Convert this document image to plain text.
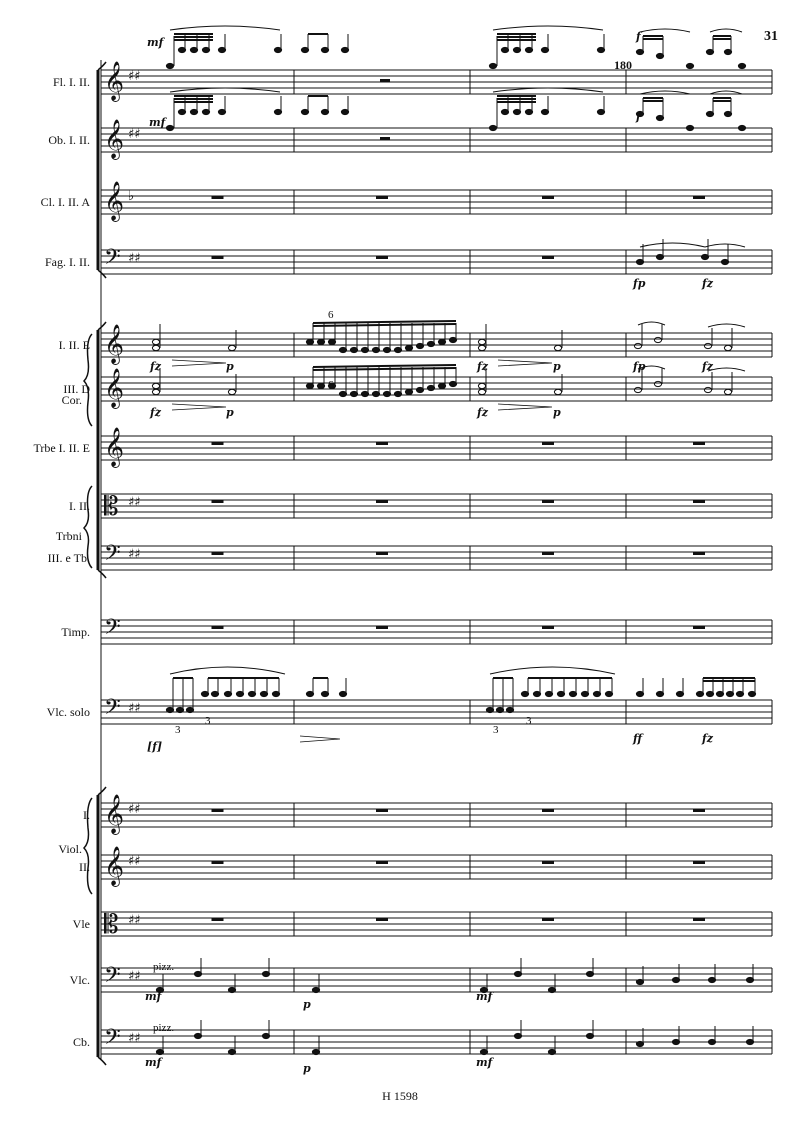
31
180
Fl. I. II.
Ob. I. II.
Cl. I. II. A
Fag. I. II.
I. II. E
III. D
Trbe I. II. E
I. II.
III. e Tb.
Timp.
Vlc. solo
I.
II.
Vle
Vlc.
Cb.
Cor.
Trbni
Viol.
𝄞 ♯♯
𝄞 ♯♯
𝄞 ♭
𝄢 ♯♯
𝄞
𝄞
𝄞
𝄡 ♯♯
𝄢 ♯♯
𝄢
𝄢 ♯♯
𝄞 ♯♯
𝄞 ♯♯
𝄡 ♯♯
𝄢 ♯♯
𝄢 ♯♯
mf
mf
f
f
fp	fz
fz	p	fz	p	fp	fz
fz	p	fz	p
[f]
ff	fz
mf
p
mf
mf	p	mf
pizz.
pizz.
3
3
3
3
6
6
H 1598
